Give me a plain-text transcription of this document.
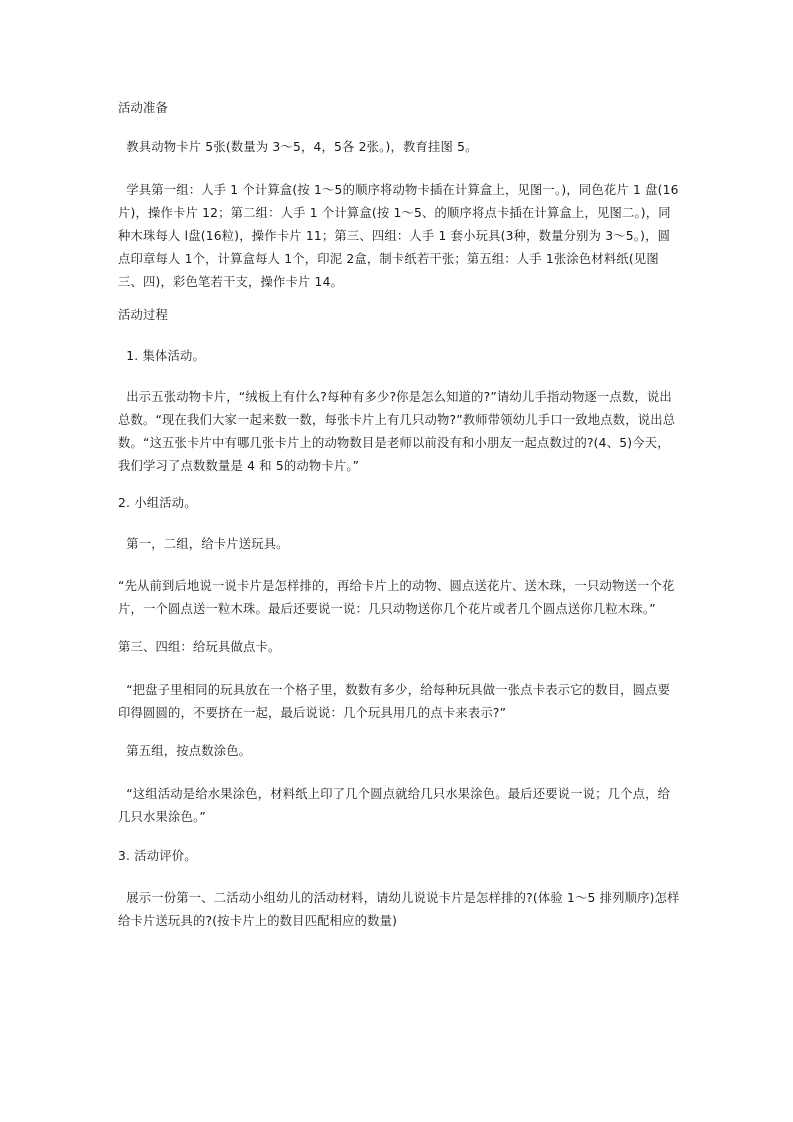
活动准备
教具动物卡片 5张(数量为 3～5，4，5各 2张。)，教育挂图 5。
学具第一组：人手 1 个计算盒(按 1～5的顺序将动物卡插在计算盒上，见图一。)，同色花片 1 盘(16片)，操作卡片 12；第二组：人手 1 个计算盒(按 1～5、的顺序将点卡插在计算盒上，见图二。)，同种木珠每人 l盘(16粒)，操作卡片 11；第三、四组：人手 1 套小玩具(3种，数量分别为 3～5。)，圆点印章每人 1个，计算盒每人 1个，印泥 2盒，制卡纸若干张；第五组：人手 1张涂色材料纸(见图三、四)，彩色笔若干支，操作卡片 14。
活动过程
1. 集体活动。
出示五张动物卡片，“绒板上有什么?每种有多少?你是怎么知道的?”请幼儿手指动物逐一点数，说出总数。“现在我们大家一起来数一数，每张卡片上有几只动物?”教师带领幼儿手口一致地点数，说出总数。“这五张卡片中有哪几张卡片上的动物数目是老师以前没有和小朋友一起点数过的?(4、5)今天，我们学习了点数数量是 4 和 5的动物卡片。”
2. 小组活动。
第一，二组，给卡片送玩具。
“先从前到后地说一说卡片是怎样排的，再给卡片上的动物、圆点送花片、送木珠，一只动物送一个花片，一个圆点送一粒木珠。最后还要说一说：几只动物送你几个花片或者几个圆点送你几粒木珠。”
第三、四组：给玩具做点卡。
“把盘子里相同的玩具放在一个格子里，数数有多少，给每种玩具做一张点卡表示它的数目，圆点要印得圆圆的，不要挤在一起，最后说说：几个玩具用几的点卡来表示?”
第五组，按点数涂色。
“这组活动是给水果涂色，材料纸上印了几个圆点就给几只水果涂色。最后还要说一说；几个点，给几只水果涂色。”
3. 活动评价。
展示一份第一、二活动小组幼儿的活动材料，请幼儿说说卡片是怎样排的?(体验 1～5 排列顺序)怎样给卡片送玩具的?(按卡片上的数目匹配相应的数量)
